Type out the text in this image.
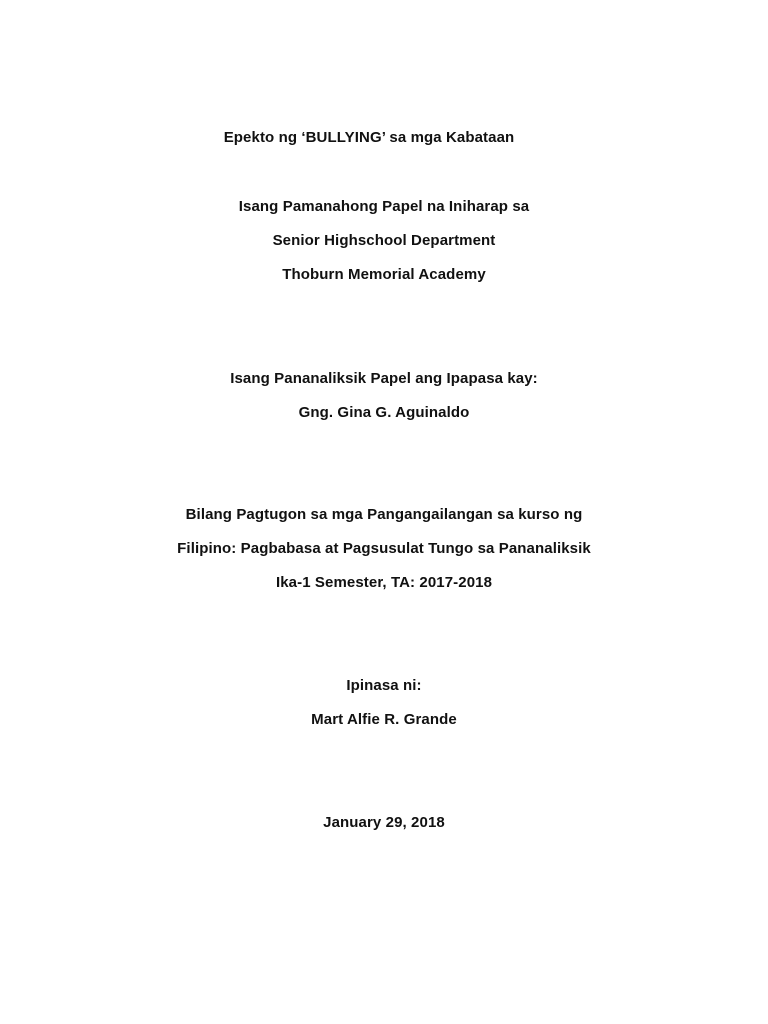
Epekto ng ‘BULLYING’ sa mga Kabataan
Isang Pamanahong Papel na Iniharap sa
Senior Highschool Department
Thoburn Memorial Academy
Isang Pananaliksik Papel ang Ipapasa kay:
Gng. Gina G. Aguinaldo
Bilang Pagtugon sa mga Pangangailangan sa kurso ng
Filipino: Pagbabasa at Pagsusulat Tungo sa Pananaliksik
Ika-1 Semester, TA: 2017-2018
Ipinasa ni:
Mart Alfie R. Grande
January 29, 2018
